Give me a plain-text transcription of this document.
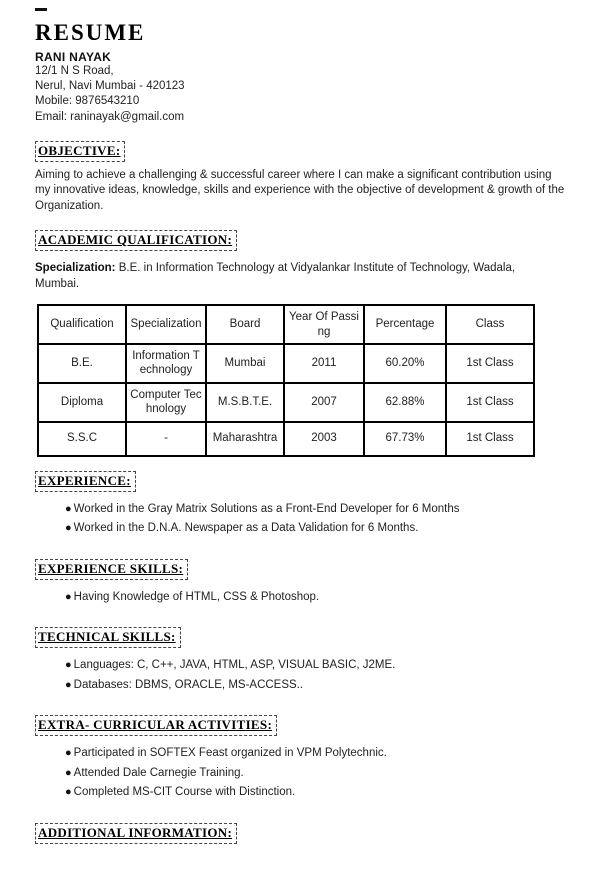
RESUME
RANI NAYAK
12/1 N S Road,
Nerul, Navi Mumbai - 420123
Mobile: 9876543210
Email: raninayak@gmail.com
OBJECTIVE:
Aiming to achieve a challenging & successful career where I can make a significant contribution using my innovative ideas, knowledge, skills and experience with the objective of development & growth of the Organization.
ACADEMIC QUALIFICATION:
Specialization: B.E. in Information Technology at Vidyalankar Institute of Technology, Wadala, Mumbai.
Qualification	Specialization	Board	Year Of Passing	Percentage	Class
B.E.	Information Technology	Mumbai	2011	60.20%	1st Class
Diploma	Computer Technology	M.S.B.T.E.	2007	62.88%	1st Class
S.S.C	-	Maharashtra	2003	67.73%	1st Class
EXPERIENCE:
● Worked in the Gray Matrix Solutions as a Front-End Developer for 6 Months
● Worked in the D.N.A. Newspaper as a Data Validation for 6 Months.
EXPERIENCE SKILLS:
● Having Knowledge of HTML, CSS & Photoshop.
TECHNICAL SKILLS:
● Languages: C, C++, JAVA, HTML, ASP, VISUAL BASIC, J2ME.
● Databases: DBMS, ORACLE, MS-ACCESS..
EXTRA- CURRICULAR ACTIVITIES:
● Participated in SOFTEX Feast organized in VPM Polytechnic.
● Attended Dale Carnegie Training.
● Completed MS-CIT Course with Distinction.
ADDITIONAL INFORMATION:
